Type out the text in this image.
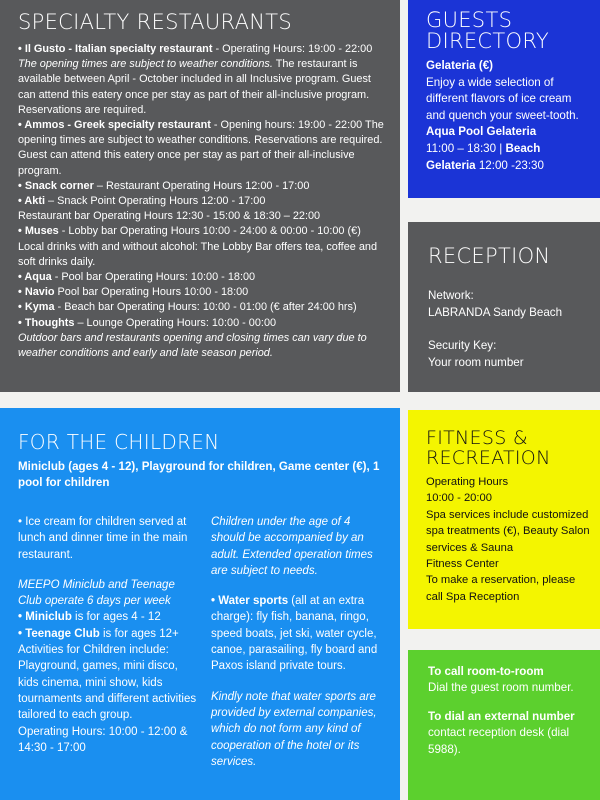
SPECIALTY RESTAURANTS

• Il Gusto - Italian specialty restaurant - Operating Hours: 19:00 - 22:00
The opening times are subject to weather conditions. The restaurant is available between April - October included in all Inclusive program. Guest can attend this eatery once per stay as part of their all-inclusive program. Reservations are required.

• Ammos - Greek specialty restaurant - Opening hours: 19:00 - 22:00 The opening times are subject to weather conditions. Reservations are required. Guest can attend this eatery once per stay as part of their all-inclusive program.

• Snack corner – Restaurant Operating Hours 12:00 - 17:00

• Akti – Snack Point Operating Hours 12:00 - 17:00

Restaurant bar Operating Hours 12:30 - 15:00 & 18:30 – 22:00

• Muses - Lobby bar Operating Hours 10:00 - 24:00 & 00:00 - 10:00 (€) Local drinks with and without alcohol: The Lobby Bar offers tea, coffee and soft drinks daily.

• Aqua - Pool bar Operating Hours: 10:00 - 18:00

• Navio Pool bar Operating Hours 10:00 - 18:00

• Kyma - Beach bar Operating Hours: 10:00 - 01:00 (€ after 24:00 hrs)

• Thoughts – Lounge Operating Hours: 10:00 - 00:00

Outdoor bars and restaurants opening and closing times can vary due to weather conditions and early and late season period.

GUESTS DIRECTORY

Gelateria (€)

Enjoy a wide selection of different flavors of ice cream and quench your sweet-tooth.

Aqua Pool Gelateria

11:00 – 18:30 | Beach Gelateria 12:00 -23:30

RECEPTION

Network:

LABRANDA Sandy Beach

Security Key:

Your room number

FOR THE CHILDREN

Miniclub (ages 4 - 12), Playground for children, Game center (€), 1 pool for children

• Ice cream for children served at lunch and dinner time in the main restaurant.

MEEPO Miniclub and Teenage Club operate 6 days per week

• Miniclub is for ages 4 - 12

• Teenage Club is for ages 12+

Activities for Children include: Playground, games, mini disco, kids cinema, mini show, kids tournaments and different activities tailored to each group.

Operating Hours: 10:00 - 12:00 & 14:30 - 17:00

Children under the age of 4 should be accompanied by an adult. Extended operation times are subject to needs.

• Water sports (all at an extra charge): fly fish, banana, ringo, speed boats, jet ski, water cycle, canoe, parasailing, fly board and Paxos island private tours.

Kindly note that water sports are provided by external companies, which do not form any kind of cooperation of the hotel or its services.

FITNESS & RECREATION

Operating Hours

10:00 - 20:00

Spa services include customized spa treatments (€), Beauty Salon services & Sauna

Fitness Center

To make a reservation, please call Spa Reception

To call room-to-room

Dial the guest room number.

To dial an external number

contact reception desk (dial 5988).
